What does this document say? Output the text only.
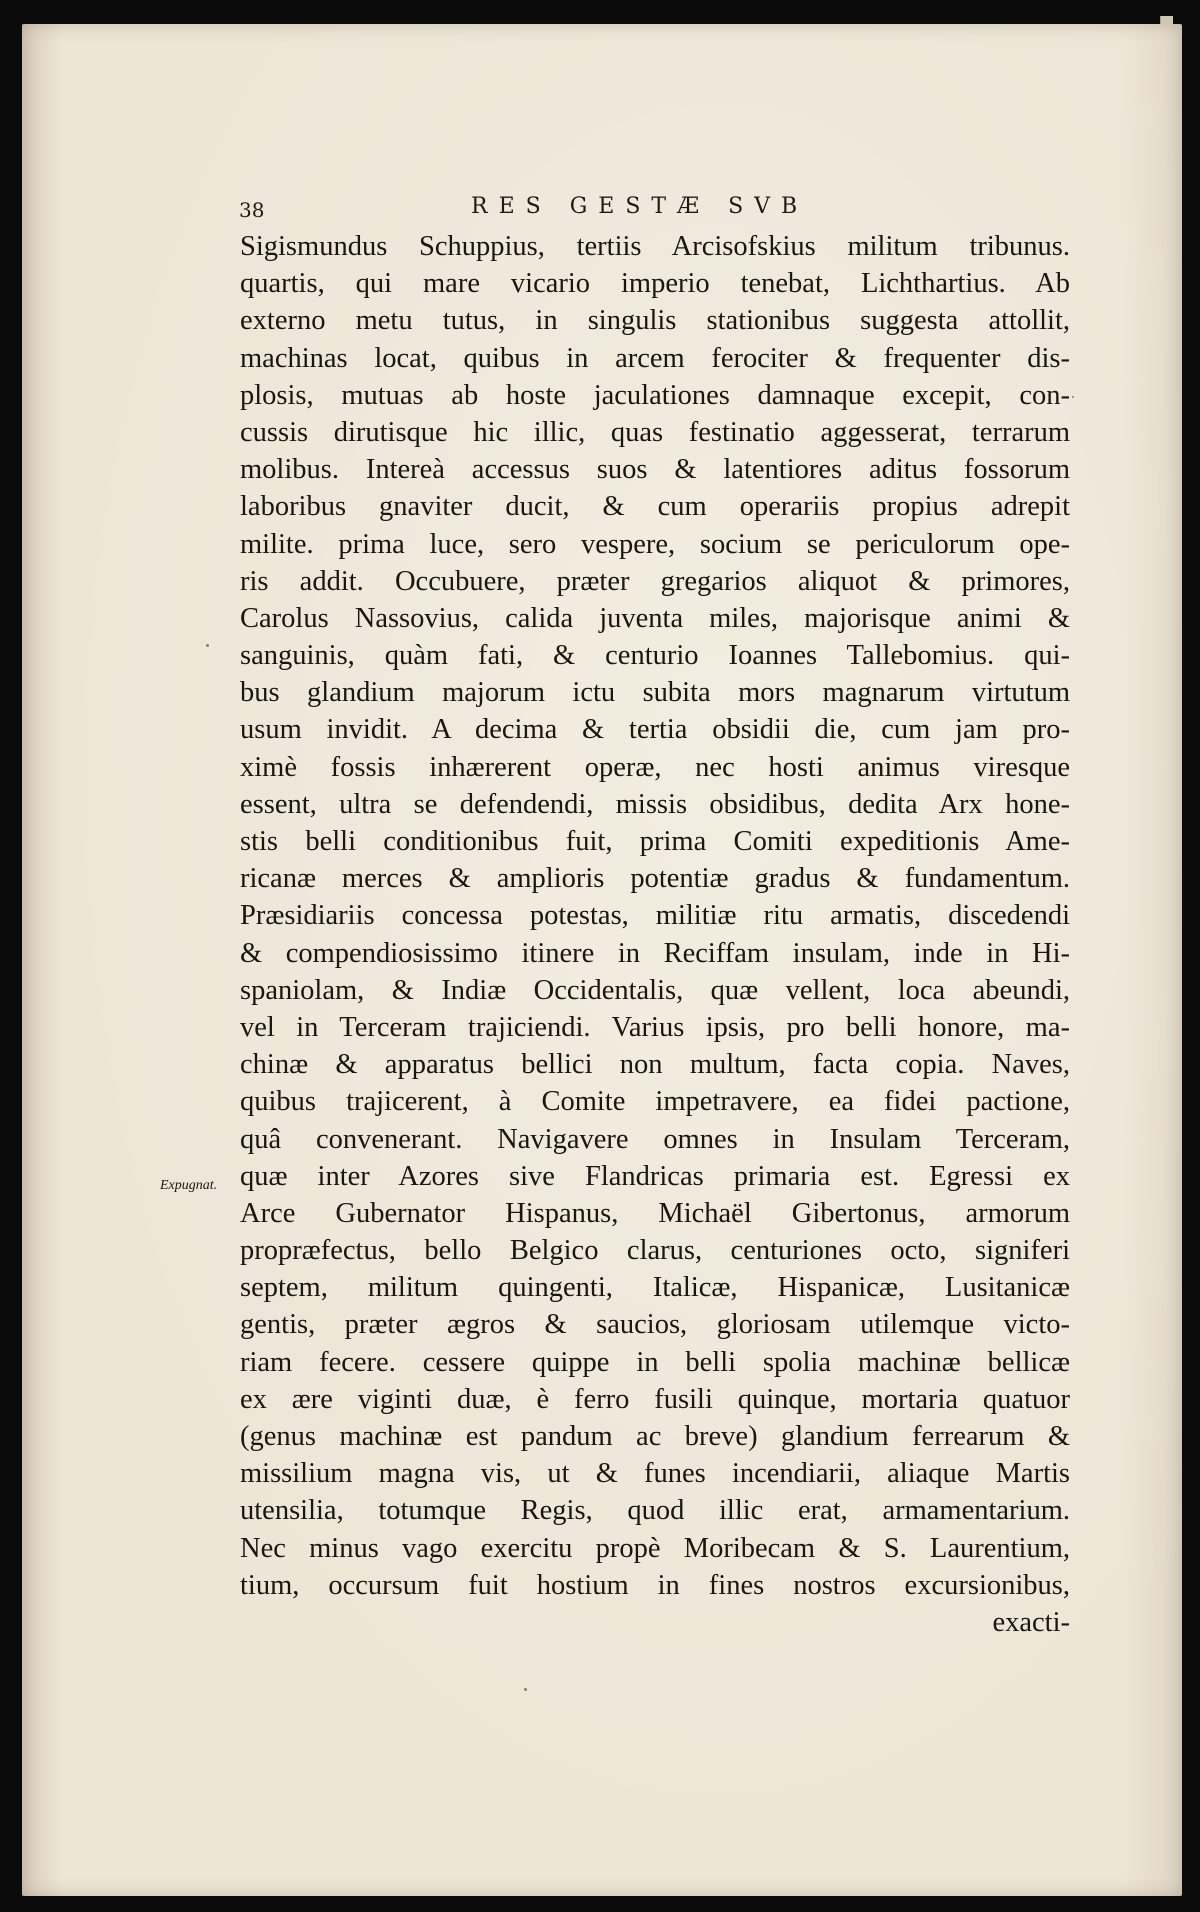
38	RES GESTÆ SVB
Expugnat.
Sigismundus Schuppius, tertiis Arcisofskius militum tribunus.
quartis, qui mare vicario imperio tenebat, Lichthartius. Ab
externo metu tutus, in singulis stationibus suggesta attollit,
machinas locat, quibus in arcem ferociter & frequenter dis-
plosis, mutuas ab hoste jaculationes damnaque excepit, con-
cussis dirutisque hic illic, quas festinatio aggesserat, terrarum
molibus. Intereà accessus suos & latentiores aditus fossorum
laboribus gnaviter ducit, & cum operariis propius adrepit
milite. prima luce, sero vespere, socium se periculorum ope-
ris addit. Occubuere, præter gregarios aliquot & primores,
Carolus Nassovius, calida juventa miles, majorisque animi &
sanguinis, quàm fati, & centurio Ioannes Tallebomius. qui-
bus glandium majorum ictu subita mors magnarum virtutum
usum invidit. A decima & tertia obsidii die, cum jam pro-
ximè fossis inhærerent operæ, nec hosti animus viresque
essent, ultra se defendendi, missis obsidibus, dedita Arx hone-
stis belli conditionibus fuit, prima Comiti expeditionis Ame-
ricanæ merces & amplioris potentiæ gradus & fundamentum.
Præsidiariis concessa potestas, militiæ ritu armatis, discedendi
& compendiosissimo itinere in Reciffam insulam, inde in Hi-
spaniolam, & Indiæ Occidentalis, quæ vellent, loca abeundi,
vel in Terceram trajiciendi. Varius ipsis, pro belli honore, ma-
chinæ & apparatus bellici non multum, facta copia. Naves,
quibus trajicerent, à Comite impetravere, ea fidei pactione,
quâ convenerant. Navigavere omnes in Insulam Terceram,
quæ inter Azores sive Flandricas primaria est. Egressi ex
Arce Gubernator Hispanus, Michaël Gibertonus, armorum
propræfectus, bello Belgico clarus, centuriones octo, signiferi
septem, militum quingenti, Italicæ, Hispanicæ, Lusitanicæ
gentis, præter ægros & saucios, gloriosam utilemque victo-
riam fecere. cessere quippe in belli spolia machinæ bellicæ
ex ære viginti duæ, è ferro fusili quinque, mortaria quatuor
(genus machinæ est pandum ac breve) glandium ferrearum &
missilium magna vis, ut & funes incendiarii, aliaque Martis
utensilia, totumque Regis, quod illic erat, armamentarium.
Nec minus vago exercitu propè Moribecam & S. Laurentium,
tium, occursum fuit hostium in fines nostros excursionibus,
exacti-
